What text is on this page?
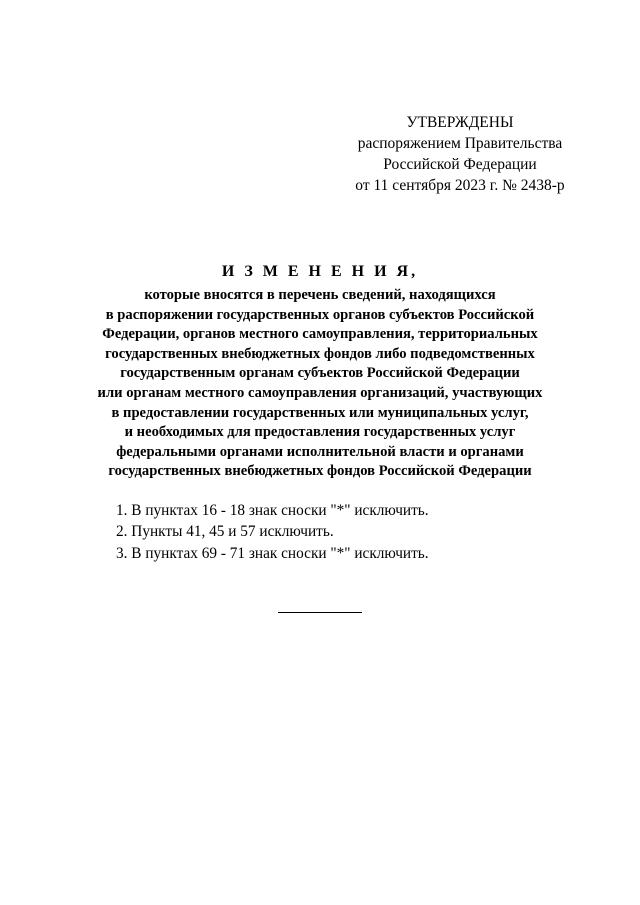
УТВЕРЖДЕНЫ
распоряжением Правительства
Российской Федерации
от 11 сентября 2023 г. № 2438-р
И З М Е Н Е Н И Я,
которые вносятся в перечень сведений, находящихся
в распоряжении государственных органов субъектов Российской
Федерации, органов местного самоуправления, территориальных
государственных внебюджетных фондов либо подведомственных
государственным органам субъектов Российской Федерации
или органам местного самоуправления организаций, участвующих
в предоставлении государственных или муниципальных услуг,
и необходимых для предоставления государственных услуг
федеральными органами исполнительной власти и органами
государственных внебюджетных фондов Российской Федерации
1. В пунктах 16 - 18 знак сноски "*" исключить.
2. Пункты 41, 45 и 57 исключить.
3. В пунктах 69 - 71 знак сноски "*" исключить.
